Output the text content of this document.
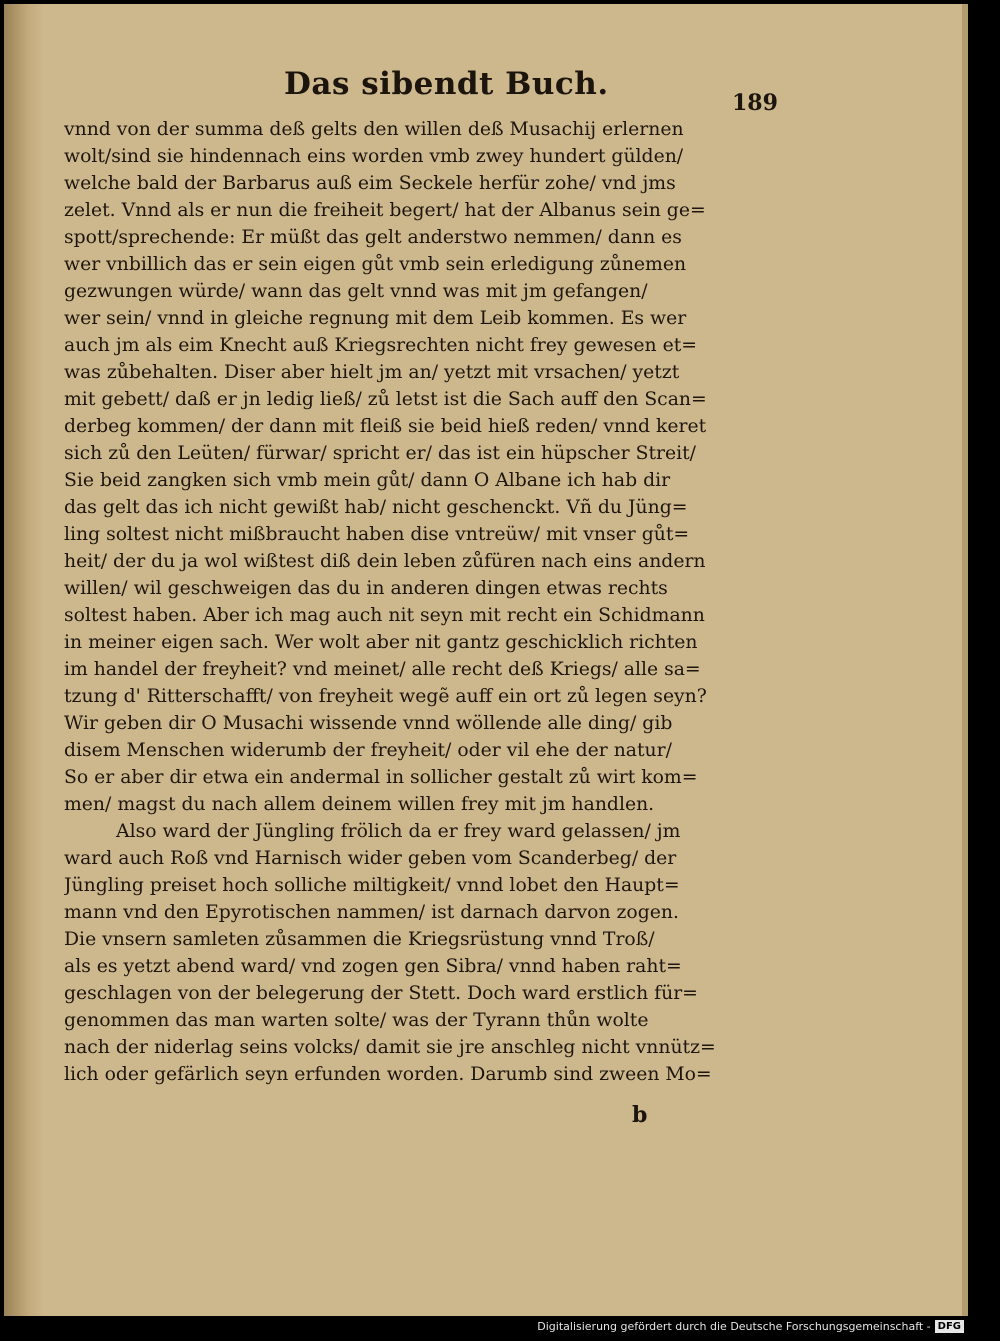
Das sibendt Buch.
189
vnnd von der summa deß gelts den willen deß Musachij erlernen
wolt/sind sie hindennach eins worden vmb zwey hundert gülden/
welche bald der Barbarus auß eim Seckele herfür zohe/ vnd jms
zelet. Vnnd als er nun die freiheit begert/ hat der Albanus sein ge=
spott/sprechende: Er müßt das gelt anderstwo nemmen/ dann es
wer vnbillich das er sein eigen gůt vmb sein erledigung zůnemen
gezwungen würde/ wann das gelt vnnd was mit jm gefangen/
wer sein/ vnnd in gleiche regnung mit dem Leib kommen. Es wer
auch jm als eim Knecht auß Kriegsrechten nicht frey gewesen et=
was zůbehalten. Diser aber hielt jm an/ yetzt mit vrsachen/ yetzt
mit gebett/ daß er jn ledig ließ/ zů letst ist die Sach auff den Scan=
derbeg kommen/ der dann mit fleiß sie beid hieß reden/ vnnd keret
sich zů den Leüten/ fürwar/ spricht er/ das ist ein hüpscher Streit/
Sie beid zangken sich vmb mein gůt/ dann O Albane ich hab dir
das gelt das ich nicht gewißt hab/ nicht geschenckt. Vñ du Jüng=
ling soltest nicht mißbraucht haben dise vntreüw/ mit vnser gůt=
heit/ der du ja wol wißtest diß dein leben zůfüren nach eins andern
willen/ wil geschweigen das du in anderen dingen etwas rechts
soltest haben. Aber ich mag auch nit seyn mit recht ein Schidmann
in meiner eigen sach. Wer wolt aber nit gantz geschicklich richten
im handel der freyheit? vnd meinet/ alle recht deß Kriegs/ alle sa=
tzung d' Ritterschafft/ von freyheit wegẽ auff ein ort zů legen seyn?
Wir geben dir O Musachi wissende vnnd wöllende alle ding/ gib
disem Menschen widerumb der freyheit/ oder vil ehe der natur/
So er aber dir etwa ein andermal in sollicher gestalt zů wirt kom=
men/ magst du nach allem deinem willen frey mit jm handlen.
Also ward der Jüngling frölich da er frey ward gelassen/ jm
ward auch Roß vnd Harnisch wider geben vom Scanderbeg/ der
Jüngling preiset hoch solliche miltigkeit/ vnnd lobet den Haupt=
mann vnd den Epyrotischen nammen/ ist darnach darvon zogen.
Die vnsern samleten zůsammen die Kriegsrüstung vnnd Troß/
als es yetzt abend ward/ vnd zogen gen Sibra/ vnnd haben raht=
geschlagen von der belegerung der Stett. Doch ward erstlich für=
genommen das man warten solte/ was der Tyrann thůn wolte
nach der niderlag seins volcks/ damit sie jre anschleg nicht vnnütz=
lich oder gefärlich seyn erfunden worden. Darumb sind zween Mo=
b
Digitalisierung gefördert durch die Deutsche Forschungsgemeinschaft - DFG
